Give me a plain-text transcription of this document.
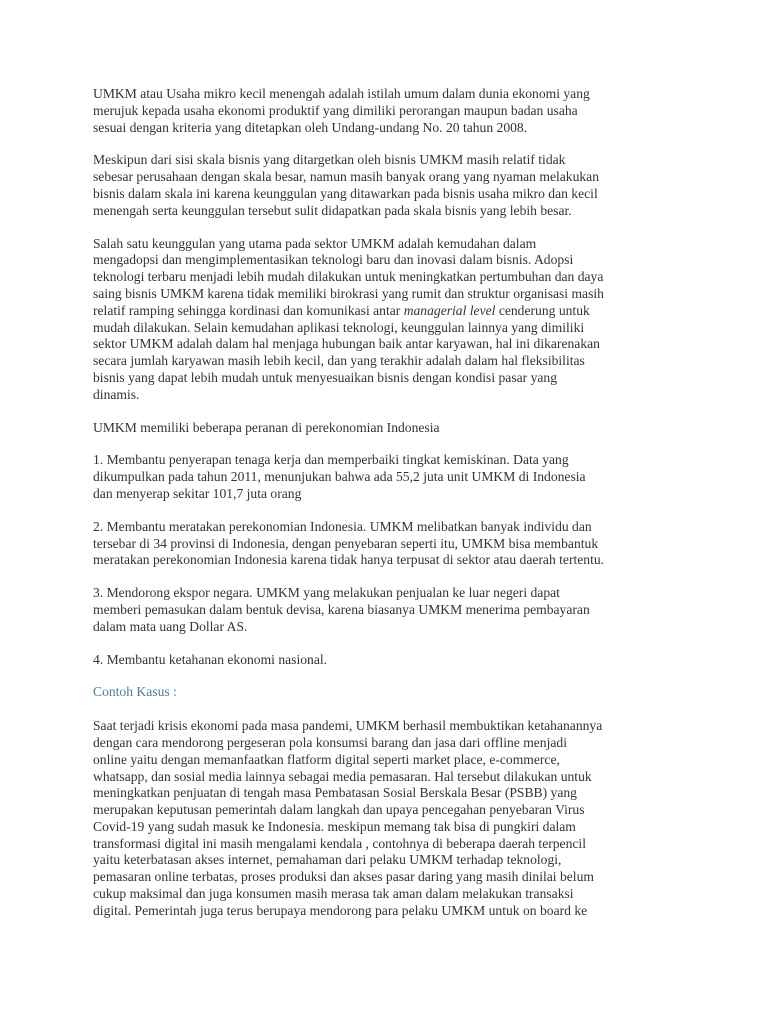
UMKM atau Usaha mikro kecil menengah adalah istilah umum dalam dunia ekonomi yang
merujuk kepada usaha ekonomi produktif yang dimiliki perorangan maupun badan usaha
sesuai dengan kriteria yang ditetapkan oleh Undang-undang No. 20 tahun 2008.

Meskipun dari sisi skala bisnis yang ditargetkan oleh bisnis UMKM masih relatif tidak
sebesar perusahaan dengan skala besar, namun masih banyak orang yang nyaman melakukan
bisnis dalam skala ini karena keunggulan yang ditawarkan pada bisnis usaha mikro dan kecil
menengah serta keunggulan tersebut sulit didapatkan pada skala bisnis yang lebih besar.

Salah satu keunggulan yang utama pada sektor UMKM adalah kemudahan dalam
mengadopsi dan mengimplementasikan teknologi baru dan inovasi dalam bisnis. Adopsi
teknologi terbaru menjadi lebih mudah dilakukan untuk meningkatkan pertumbuhan dan daya
saing bisnis UMKM karena tidak memiliki birokrasi yang rumit dan struktur organisasi masih
relatif ramping sehingga kordinasi dan komunikasi antar managerial level cenderung untuk
mudah dilakukan. Selain kemudahan aplikasi teknologi, keunggulan lainnya yang dimiliki
sektor UMKM adalah dalam hal menjaga hubungan baik antar karyawan, hal ini dikarenakan
secara jumlah karyawan masih lebih kecil, dan yang terakhir adalah dalam hal fleksibilitas
bisnis yang dapat lebih mudah untuk menyesuaikan bisnis dengan kondisi pasar yang
dinamis.

UMKM memiliki beberapa peranan di perekonomian Indonesia

1. Membantu penyerapan tenaga kerja dan memperbaiki tingkat kemiskinan. Data yang
dikumpulkan pada tahun 2011, menunjukan bahwa ada 55,2 juta unit UMKM di Indonesia
dan menyerap sekitar 101,7 juta orang

2. Membantu meratakan perekonomian Indonesia. UMKM melibatkan banyak individu dan
tersebar di 34 provinsi di Indonesia, dengan penyebaran seperti itu, UMKM bisa membantuk
meratakan perekonomian Indonesia karena tidak hanya terpusat di sektor atau daerah tertentu.

3. Mendorong ekspor negara. UMKM yang melakukan penjualan ke luar negeri dapat
memberi pemasukan dalam bentuk devisa, karena biasanya UMKM menerima pembayaran
dalam mata uang Dollar AS.

4. Membantu ketahanan ekonomi nasional.

Contoh Kasus :

Saat terjadi krisis ekonomi pada masa pandemi, UMKM berhasil membuktikan ketahanannya
dengan cara mendorong pergeseran pola konsumsi barang dan jasa dari offline menjadi
online yaitu dengan memanfaatkan flatform digital seperti market place, e-commerce,
whatsapp, dan sosial media lainnya sebagai media pemasaran. Hal tersebut dilakukan untuk
meningkatkan penjuatan di tengah masa Pembatasan Sosial Berskala Besar (PSBB) yang
merupakan keputusan pemerintah dalam langkah dan upaya pencegahan penyebaran Virus
Covid-19 yang sudah masuk ke Indonesia. meskipun memang tak bisa di pungkiri dalam
transformasi digital ini masih mengalami kendala , contohnya di beberapa daerah terpencil
yaitu keterbatasan akses internet, pemahaman dari pelaku UMKM terhadap teknologi,
pemasaran online terbatas, proses produksi dan akses pasar daring yang masih dinilai belum
cukup maksimal dan juga konsumen masih merasa tak aman dalam melakukan transaksi
digital. Pemerintah juga terus berupaya mendorong para pelaku UMKM untuk on board ke
